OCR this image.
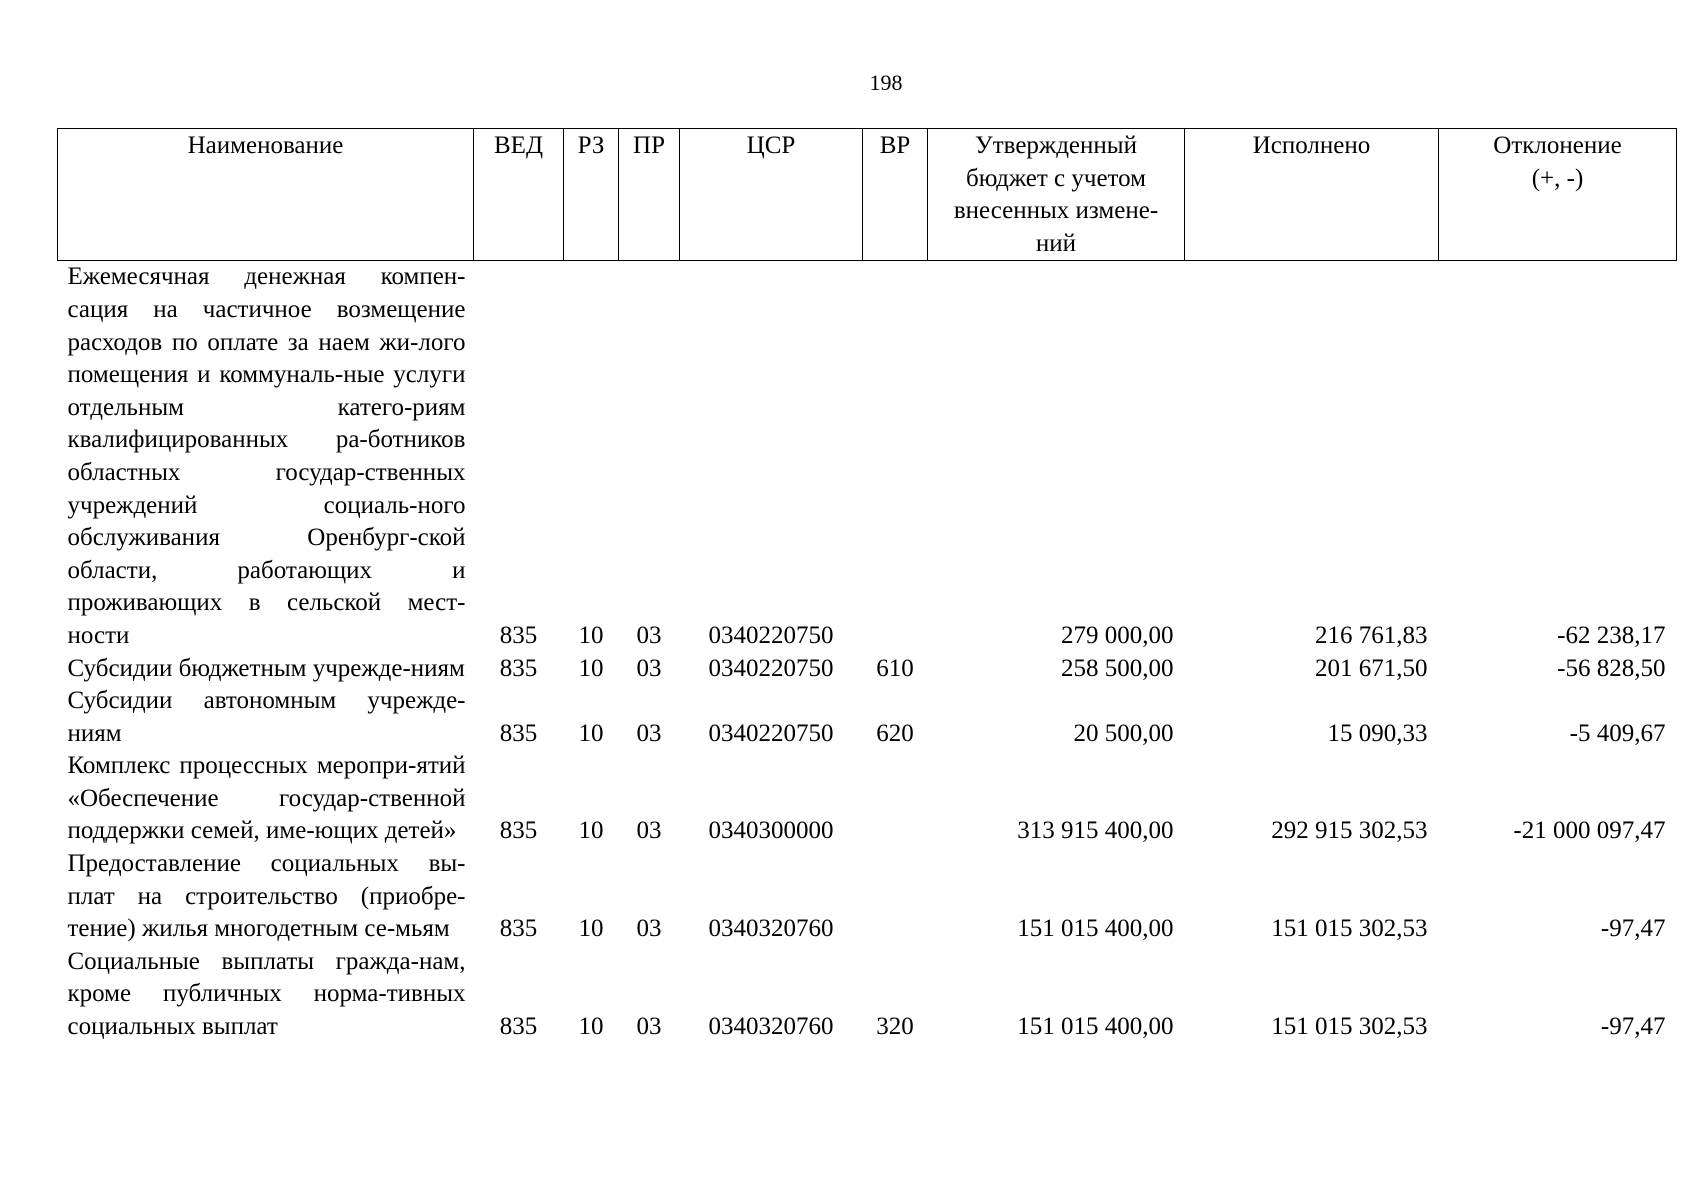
198
Наименование	ВЕД	РЗ	ПР	ЦСР	ВР	Утвержденный бюджет с учетом внесенных измене-ний	Исполнено	Отклонение (+, -)
Ежемесячная денежная компен-сация на частичное возмещение расходов по оплате за наем жи-лого помещения и коммуналь-ные услуги отдельным катего-риям квалифицированных ра-ботников областных государ-ственных учреждений социаль-ного обслуживания Оренбург-ской области, работающих и проживающих в сельской мест-ности	835	10	03	0340220750		279 000,00	216 761,83	-62 238,17
Субсидии бюджетным учрежде-ниям	835	10	03	0340220750	610	258 500,00	201 671,50	-56 828,50
Субсидии автономным учрежде-ниям	835	10	03	0340220750	620	20 500,00	15 090,33	-5 409,67
Комплекс процессных меропри-ятий «Обеспечение государ-ственной поддержки семей, име-ющих детей»	835	10	03	0340300000		313 915 400,00	292 915 302,53	-21 000 097,47
Предоставление социальных вы-плат на строительство (приобре-тение) жилья многодетным се-мьям	835	10	03	0340320760		151 015 400,00	151 015 302,53	-97,47
Социальные выплаты гражда-нам, кроме публичных норма-тивных социальных выплат	835	10	03	0340320760	320	151 015 400,00	151 015 302,53	-97,47
